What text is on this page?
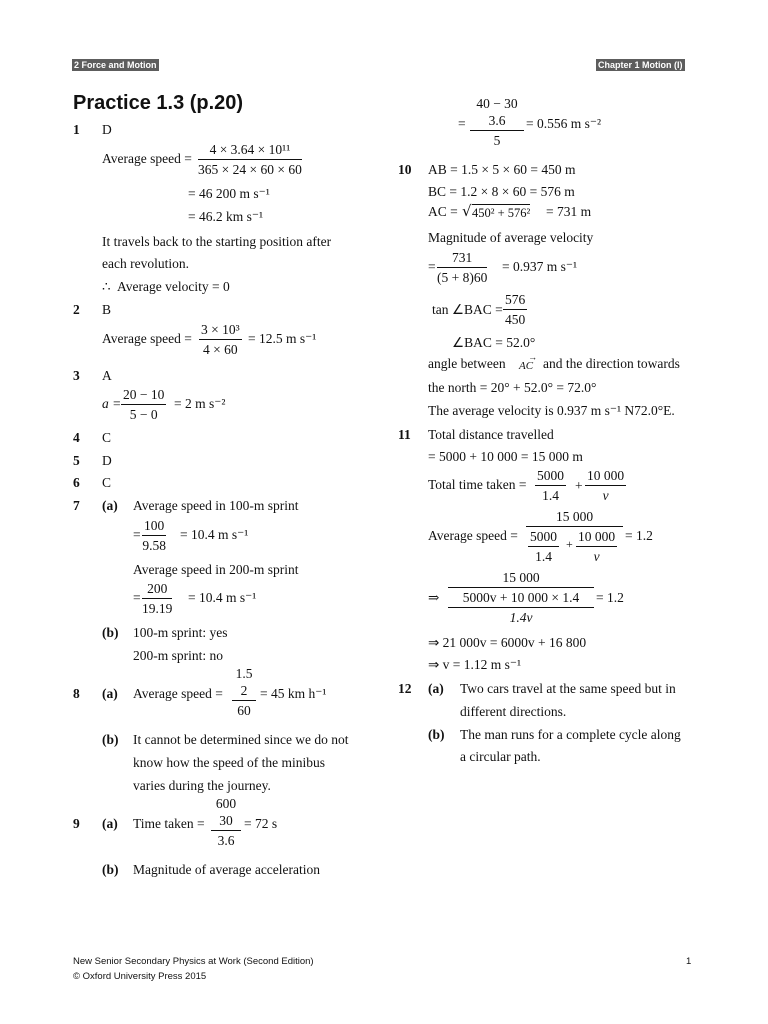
2 Force and Motion	Chapter 1 Motion (I)
Practice 1.3 (p.20)
1 D
Average speed = $\frac{\text{4 × 3.64 × 10¹¹}}{365 \times 24 \times 60 \times 60}$
= 46 200 m s⁻¹
= 46.2 km s⁻¹
It travels back to the starting position after
each revolution.
∴ Average velocity = 0
2 B
Average speed = $\frac{\text{3 × 10³}}{4 \times 60} = 12.5$ m s⁻¹
3 A
$a = \frac{20 - 10}{5 - 0} = 2$ m s⁻²
4 C
5 D
6 C
7 (a) Average speed in 100-m sprint
= $\frac{100}{9.58} = 10.4$ m s⁻¹
Average speed in 200-m sprint
= $\frac{200}{19.19} = 10.4$ m s⁻¹
(b) 100-m sprint: yes
200-m sprint: no
8 (a) Average speed =
1.5
2
60
= 45 km h⁻¹
(b) It cannot be determined since we do not
know how the speed of the minibus
varies during the journey.
9 (a) Time taken =
600
30
3.6
= 72 s
(b) Magnitude of average acceleration
=
40 − 30
3.6
5
= 0.556 m s⁻²
10 AB = 1.5 × 5 × 60 = 450 m
BC = 1.2 × 8 × 60 = 576 m
AC = √ 450² + 576² = 731 m
Magnitude of average velocity
= $\frac{731}{(5 + 8)60} = 0.937$ m s⁻¹
tan ∠BAC = $\frac{576}{450}$
∠BAC = 52.0°
angle between	→
AC and the direction towards
the north = 20° + 52.0° = 72.0°
The average velocity is 0.937 m s⁻¹ N72.0°E.
11 Total distance travelled
= 5000 + 10 000 = 15 000 m
Total time taken = $\frac{5000}{1.4} + \frac{10 000}{v}$
Average speed = $\frac{15 000}{\frac{5000}{1.4} + \frac{10 000}{v}} = 1.2$
⇒
15 000
5000v + 10 000 × 1.4
1.4v
= 1.2
⇒ 21 000v = 6000v + 16 800
⇒ v = 1.12 m s⁻¹
12 (a) Two cars travel at the same speed but in
different directions.
(b) The man runs for a complete cycle along
a circular path.
New Senior Secondary Physics at Work (Second Edition)
© Oxford University Press 2015
1
